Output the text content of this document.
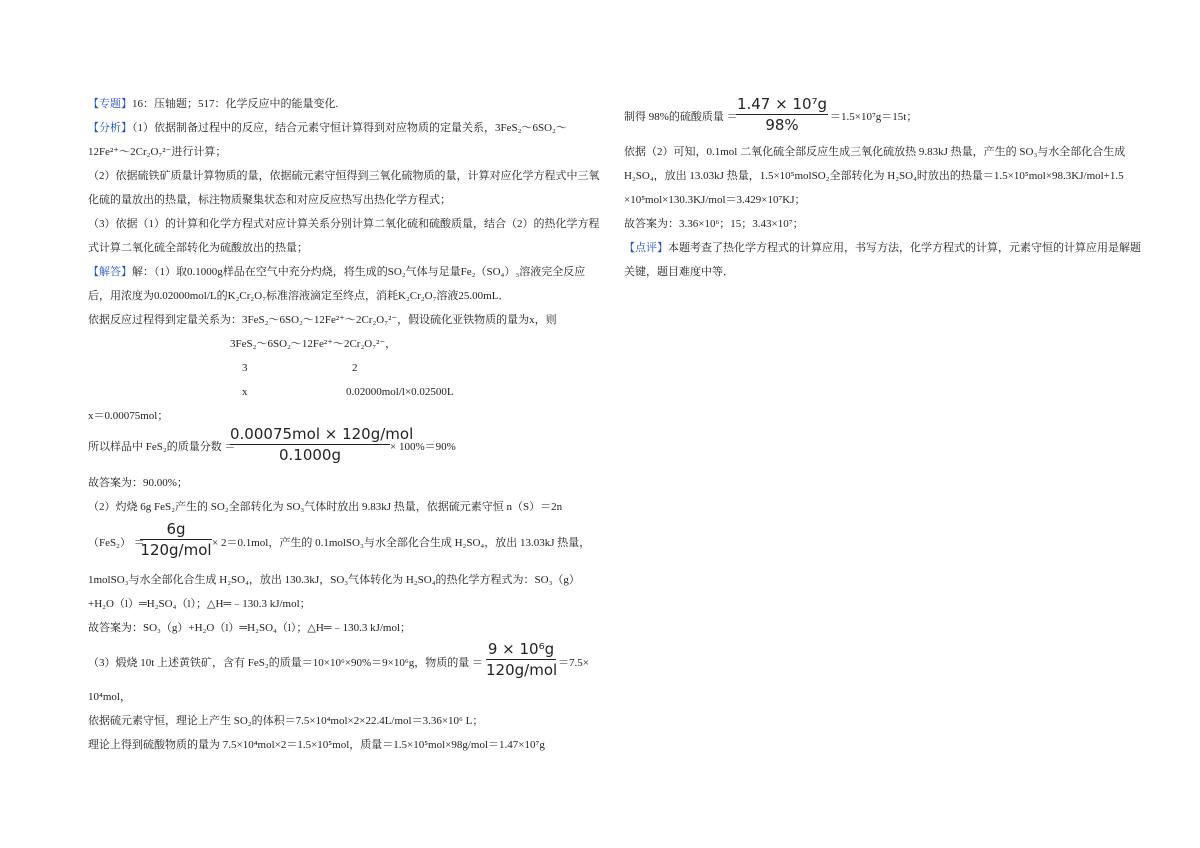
【专题】16：压轴题；517：化学反应中的能量变化.
【分析】（1）依据制备过程中的反应，结合元素守恒计算得到对应物质的定量关系，3FeS₂～6SO₂～
12Fe²⁺～2Cr₂O₇²⁻进行计算；
（2）依据硫铁矿质量计算物质的量，依据硫元素守恒得到三氧化硫物质的量，计算对应化学方程式中三氧
化硫的量放出的热量，标注物质聚集状态和对应反应热写出热化学方程式；
（3）依据（1）的计算和化学方程式对应计算关系分别计算二氧化硫和硫酸质量，结合（2）的热化学方程
式计算二氧化硫全部转化为硫酸放出的热量；
【解答】解：（1）取0.1000g样品在空气中充分灼烧，将生成的SO₂气体与足量Fe₂（SO₄）₃溶液完全反应
后，用浓度为0.02000mol/L的K₂Cr₂O₇标准溶液滴定至终点，消耗K₂Cr₂O₇溶液25.00mL．
依据反应过程得到定量关系为：3FeS₂～6SO₂～12Fe²⁺～2Cr₂O₇²⁻，假设硫化亚铁物质的量为x，则
3FeS₂～6SO₂～12Fe²⁺～2Cr₂O₇²⁻，
3	2
x	0.02000mol/l×0.02500L
x＝0.00075mol；
所以样品中 FeS₂的质量分数 ＝
0.00075mol × 120g/mol
0.1000g	× 100%＝90%
故答案为：90.00%；
（2）灼烧 6g FeS₂产生的 SO₂全部转化为 SO₃气体时放出 9.83kJ 热量，依据硫元素守恒 n（S）＝2n
（FeS₂） ＝
6g
120g/mol × 2＝0.1mol，产生的 0.1molSO₃与水全部化合生成 H₂SO₄，放出 13.03kJ 热量，
1molSO₃与水全部化合生成 H₂SO₄，放出 130.3kJ，SO₃气体转化为 H₂SO₄的热化学方程式为：SO₃（g）
+H₂O（l）═H₂SO₄（l）；△H═﹣130.3 kJ/mol；
故答案为：SO₃（g）+H₂O（l）═H₂SO₄（l）；△H═﹣130.3 kJ/mol；
（3）煅烧 10t 上述黄铁矿，含有 FeS₂的质量＝10×10⁶×90%＝9×10⁶g，物质的量 ＝
9 × 10⁶g
120g/mol ＝7.5×
10⁴mol，
依据硫元素守恒，理论上产生 SO₂的体积＝7.5×10⁴mol×2×22.4L/mol＝3.36×10⁶ L；
理论上得到硫酸物质的量为 7.5×10⁴mol×2＝1.5×10⁵mol，质量＝1.5×10⁵mol×98g/mol＝1.47×10⁷g
制得 98%的硫酸质量 ＝
1.47 × 10⁷g
98%	＝1.5×10⁷g＝15t；
依据（2）可知，0.1mol 二氧化硫全部反应生成三氧化硫放热 9.83kJ 热量，产生的 SO₃与水全部化合生成
H₂SO₄，放出 13.03kJ 热量，1.5×10⁵molSO₂全部转化为 H₂SO₄时放出的热量＝1.5×10⁵mol×98.3KJ/mol+1.5
×10⁵mol×130.3KJ/mol＝3.429×10⁷KJ；
故答案为：3.36×10⁶；15；3.43×10⁷；
【点评】本题考查了热化学方程式的计算应用，书写方法，化学方程式的计算，元素守恒的计算应用是解题
关键，题目难度中等．
